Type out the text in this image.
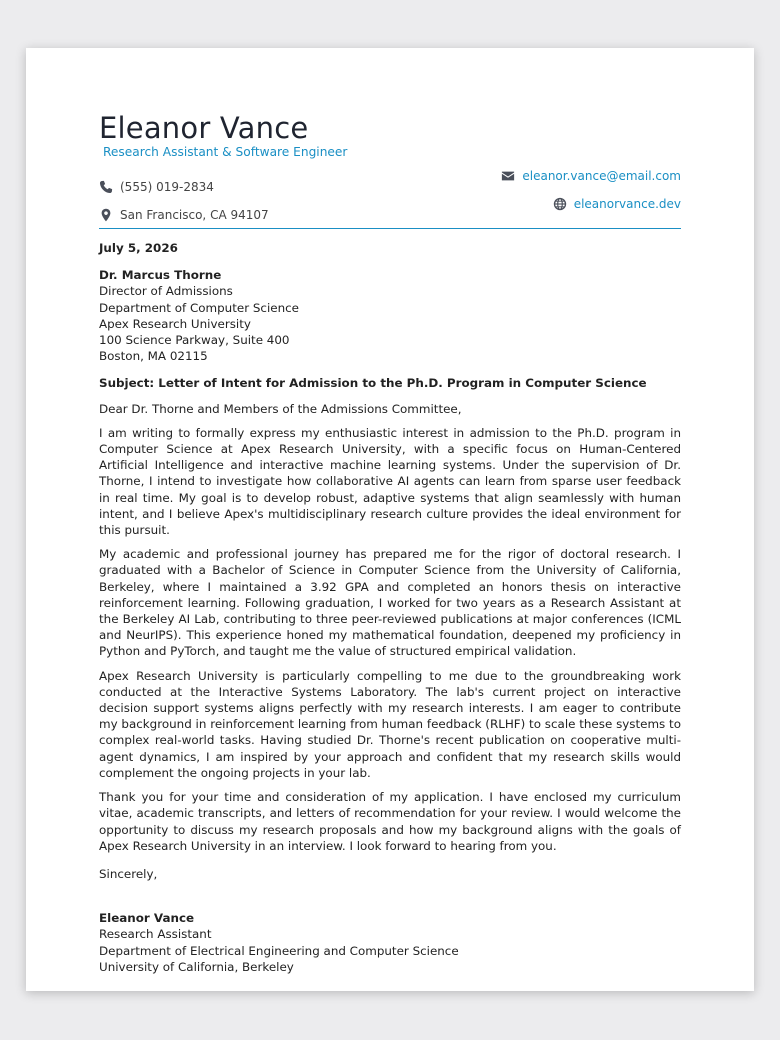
Eleanor Vance
Research Assistant & Software Engineer
(555) 019-2834
San Francisco, CA 94107
eleanor.vance@email.com
eleanorvance.dev
July 5, 2026
Dr. Marcus Thorne
Director of Admissions
Department of Computer Science
Apex Research University
100 Science Parkway, Suite 400
Boston, MA 02115
Subject: Letter of Intent for Admission to the Ph.D. Program in Computer Science
Dear Dr. Thorne and Members of the Admissions Committee,

I am writing to formally express my enthusiastic interest in admission to the Ph.D. program in Computer Science at Apex Research University, with a specific focus on Human-Centered Artificial Intelligence and interactive machine learning systems. Under the supervision of Dr. Thorne, I intend to investigate how collaborative AI agents can learn from sparse user feedback in real time. My goal is to develop robust, adaptive systems that align seamlessly with human intent, and I believe Apex's multidisciplinary research culture provides the ideal environment for this pursuit.

My academic and professional journey has prepared me for the rigor of doctoral research. I graduated with a Bachelor of Science in Computer Science from the University of California, Berkeley, where I maintained a 3.92 GPA and completed an honors thesis on interactive reinforcement learning. Following graduation, I worked for two years as a Research Assistant at the Berkeley AI Lab, contributing to three peer-reviewed publications at major conferences (ICML and NeurIPS). This experience honed my mathematical foundation, deepened my proficiency in Python and PyTorch, and taught me the value of structured empirical validation.

Apex Research University is particularly compelling to me due to the groundbreaking work conducted at the Interactive Systems Laboratory. The lab's current project on interactive decision support systems aligns perfectly with my research interests. I am eager to contribute my background in reinforcement learning from human feedback (RLHF) to scale these systems to complex real-world tasks. Having studied Dr. Thorne's recent publication on cooperative multi-agent dynamics, I am inspired by your approach and confident that my research skills would complement the ongoing projects in your lab.

Thank you for your time and consideration of my application. I have enclosed my curriculum vitae, academic transcripts, and letters of recommendation for your review. I would welcome the opportunity to discuss my research proposals and how my background aligns with the goals of Apex Research University in an interview. I look forward to hearing from you.

Sincerely,
Eleanor Vance
Research Assistant
Department of Electrical Engineering and Computer Science
University of California, Berkeley
